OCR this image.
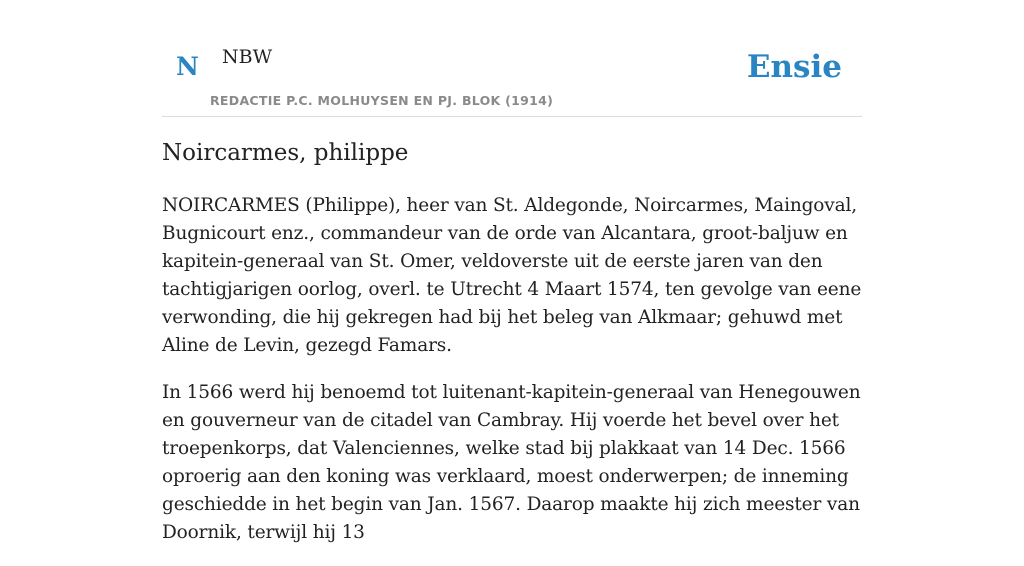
N NBW
REDACTIE P.C. MOLHUYSEN EN PJ. BLOK (1914)
Ensie
Noircarmes, philippe

NOIRCARMES (Philippe), heer van St. Aldegonde, Noircarmes, Maingoval, Bugnicourt enz., commandeur van de orde van Alcantara, groot-baljuw en kapitein-generaal van St. Omer, veldoverste uit de eerste jaren van den tachtigjarigen oorlog, overl. te Utrecht 4 Maart 1574, ten gevolge van eene verwonding, die hij gekregen had bij het beleg van Alkmaar; gehuwd met Aline de Levin, gezegd Famars.

In 1566 werd hij benoemd tot luitenant-kapitein-generaal van Henegouwen en gouverneur van de citadel van Cambray. Hij voerde het bevel over het troepenkorps, dat Valenciennes, welke stad bij plakkaat van 14 Dec. 1566 oproerig aan den koning was verklaard, moest onderwerpen; de inneming geschiedde in het begin van Jan. 1567. Daarop maakte hij zich meester van Doornik, terwijl hij 13
